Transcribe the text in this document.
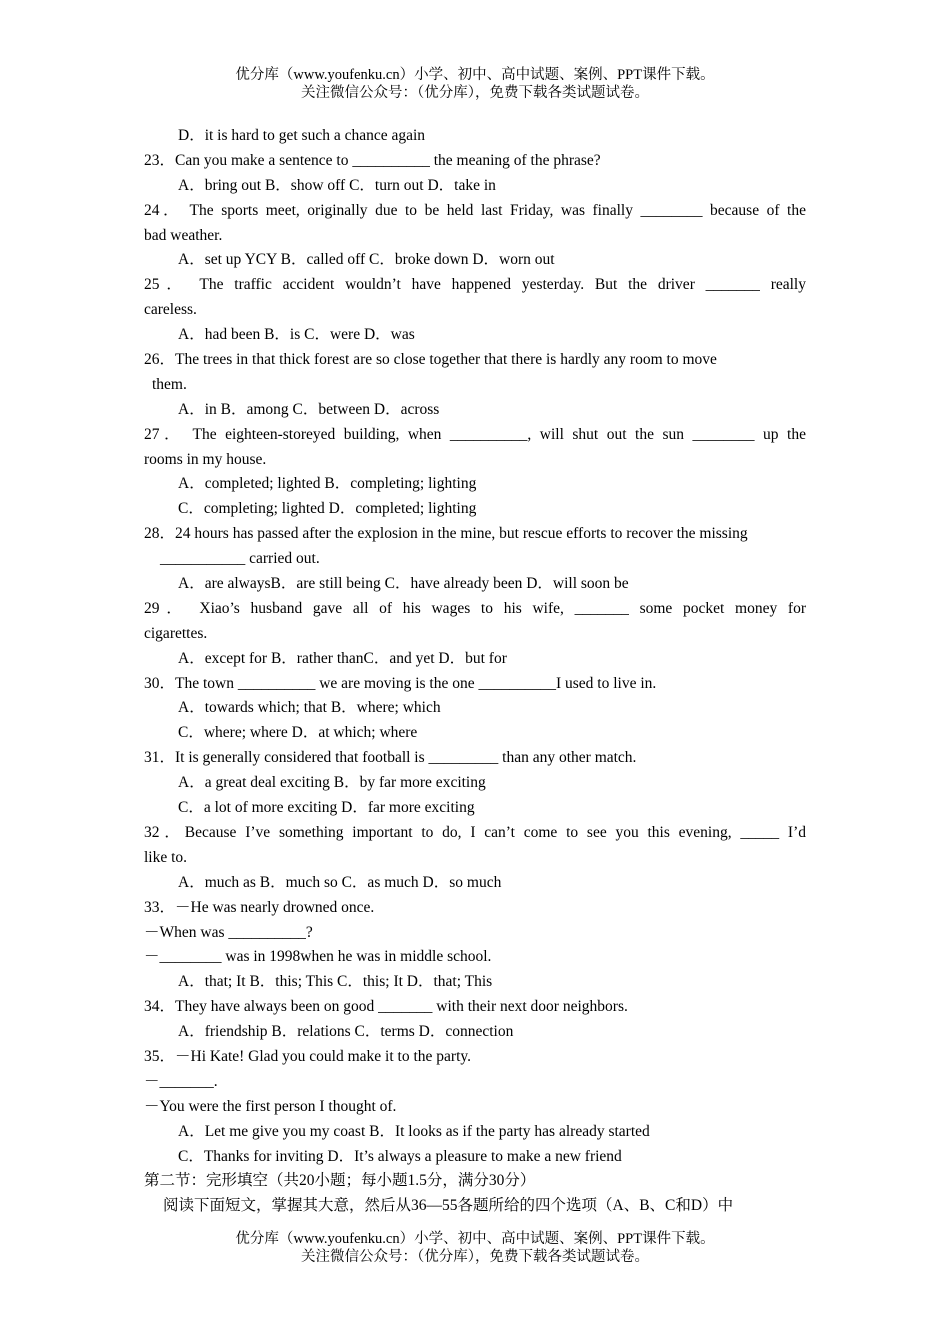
优分库（www.youfenku.cn）小学、初中、高中试题、案例、PPT课件下载。
关注微信公众号：（优分库），免费下载各类试题试卷。
D．it is hard to get such a chance again
23．Can you make a sentence to __________ the meaning of the phrase?
A．bring out B．show off C．turn out D．take in
24． The sports meet, originally due to be held last Friday, was finally ________ because of the
bad weather.
A．set up YCY B．called off C．broke down D．worn out
25． The traffic accident wouldn’t have happened yesterday. But the driver _______ really
careless.
A．had been B．is C．were D．was
26．The trees in that thick forest are so close together that there is hardly any room to move
them.
A．in B．among C．between D．across
27． The eighteen-storeyed building, when __________, will shut out the sun ________ up the
rooms in my house.
A．completed; lighted B．completing; lighting
C．completing; lighted D．completed; lighting
28．24 hours has passed after the explosion in the mine, but rescue efforts to recover the missing
___________ carried out.
A．are alwaysB．are still being C．have already been D．will soon be
29． Xiao’s husband gave all of his wages to his wife, _______ some pocket money for
cigarettes.
A．except for B．rather thanC．and yet D．but for
30．The town __________ we are moving is the one __________I used to live in.
A．towards which; that B．where; which
C．where; where D．at which; where
31．It is generally considered that football is _________ than any other match.
A．a great deal exciting B．by far more exciting
C．a lot of more exciting D．far more exciting
32．Because I’ve something important to do, I can’t come to see you this evening, _____ I’d
like to.
A．much as B．much so C．as much D．so much
33．－He was nearly drowned once.
－When was __________?
－________ was in 1998when he was in middle school.
A．that; It B．this; This C．this; It D．that; This
34．They have always been on good _______ with their next door neighbors.
A．friendship B．relations C．terms D．connection
35．－Hi Kate! Glad you could make it to the party.
－_______.
－You were the first person I thought of.
A．Let me give you my coast B．It looks as if the party has already started
C．Thanks for inviting D．It’s always a pleasure to make a new friend
第二节：完形填空（共20小题；每小题1.5分，满分30分）
阅读下面短文，掌握其大意，然后从36—55各题所给的四个选项（A、B、C和D）中
优分库（www.youfenku.cn）小学、初中、高中试题、案例、PPT课件下载。
关注微信公众号：（优分库），免费下载各类试题试卷。
